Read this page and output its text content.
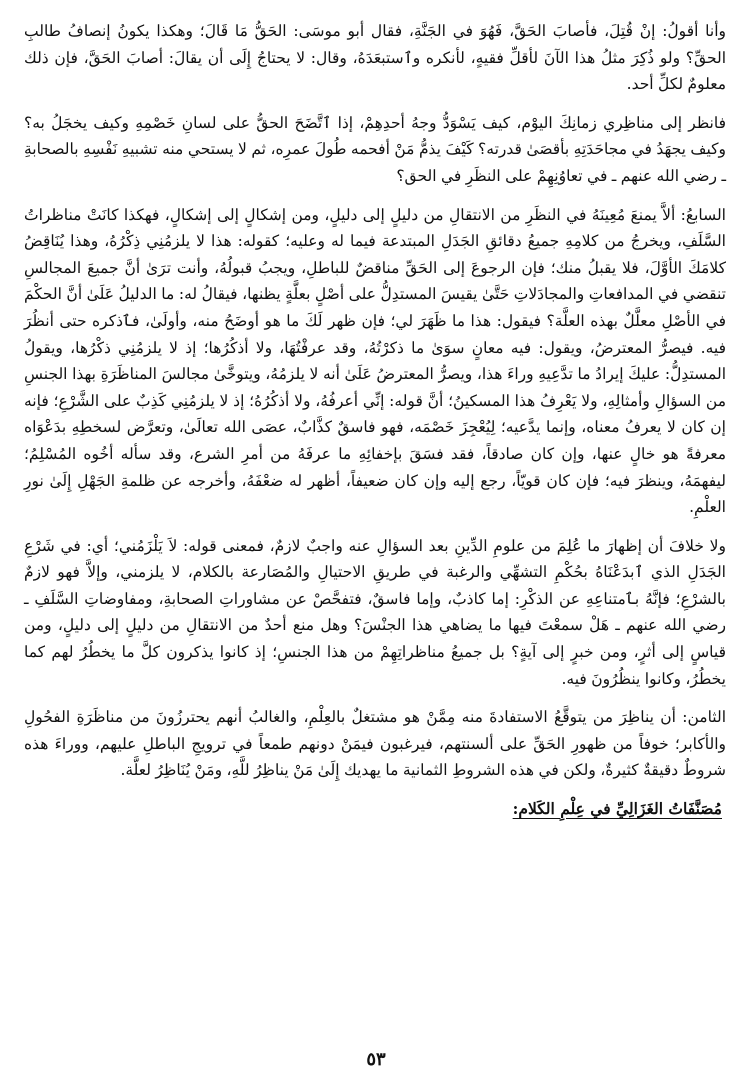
وأنا أقولُ: إنْ قُتِلَ، فأصابَ الحَقَّ، فَهُوَ في الجَنَّةِ، فقال أبو موسَى: الحَقُّ مَا قَالَ؛ وهكذا يكونُ إنصافُ طالبِ الحقِّ؟ ولو ذُكِرَ مثلُ هذا الآنَ لأقلِّ فقيهٍ، لأنكره وٱستبعَدَهُ، وقال: لا يحتاجُ إِلَى أن يقالَ: أصابَ الحَقَّ، فإن ذلك معلومٌ لكلِّ أحد.

فانظر إلى مناظِري زمانِكَ اليوْم، كيف يَسْوَدُّ وجهُ أحدِهِمْ، إذا ٱتَّضَحَ الحقُّ على لسانِ خَصْمِهِ وكيف يخجَلُ به؟ وكيف يجهَدُ في مجاحَدَتِهِ بأقصَىٰ قدرته؟ كَيْفَ يذمُّ مَنْ أفحمه طُولَ عمرِه، ثم لا يستحي منه تشبيهِ نَفْسِهِ بالصحابةِ ـ رضي الله عنهم ـ في تعاوُنِهِمْ على النظَرِ في الحق؟

السابعُ: ألاَّ يمنعَ مُعِينَهُ في النظَرِ من الانتقالِ من دليلٍ إلى دليلٍ، ومن إشكالٍ إلى إشكالٍ، فهكذا كانَتْ مناظراتُ السَّلَفِ، ويخرجُ من كلامِهِ جميعُ دقائقِ الجَدَلِ المبتدعة فيما له وعليه؛ كقوله: هذا لا يلزمُنِي ذِكْرُهُ، وهذا يُنَاقِضُ كلامَكَ الأوَّلَ، فلا يقبلُ منك؛ فإن الرجوعَ إلى الحَقِّ مناقضٌ للباطلِ، ويجبُ قبولُهُ، وأنت ترَىٰ أنَّ جميعَ المجالسِ تنقضي في المدافعاتِ والمجادَلاتِ حَتَّىٰ يقيسَ المستدِلُّ على أصْلٍ بعلَّةٍ يظنها، فيقالُ له: ما الدليلُ عَلَىٰ أنَّ الحكْمَ في الأصْلِ معلَّلٌ بهذه العلَّة؟ فيقول: هذا ما ظَهَرَ لي؛ فإن ظهر لَكَ ما هو أوضَحُ منه، وأولَىٰ، فٱذكره حتى أنظُرَ فيه. فيصرُّ المعترضُ، ويقول: فيه معانٍ سوَىٰ ما ذكرْتُهُ، وقد عرفْتُهَا، ولا أذكُرُها؛ إذ لا يلزمُنِي ذكْرُها، ويقولُ المستدِلُّ: عليكَ إيرادُ ما تدَّعِيهِ وراءَ هذا، ويصرُّ المعترضُ عَلَىٰ أنه لا يلزمُهُ، ويتوخَّىٰ مجالسَ المناظَرَةِ بهذا الجنسِ من السؤالِ وأمثالِهِ، ولا يَعْرِفُ هذا المسكينُ؛ أنَّ قوله: إنِّي أعرفُهُ، ولا أذكُرُهُ؛ إذ لا يلزمُنِي كَذِبٌ على الشَّرْعِ؛ فإنه إن كان لا يعرفُ معناه، وإنما يدَّعيه؛ لِيُعْجِزَ خَصْمَه، فهو فاسقٌ كذَّابٌ، عصَى الله تعالَىٰ، وتعرَّض لسخطِهِ بدَعْوَاه معرفةً هو خالٍ عنها، وإن كان صادقاً، فقد فسَقَ بإخفائِهِ ما عرفَهُ من أمرِ الشرع، وقد سأله أخُوه المُسْلِمُ؛ ليفهمَهُ، وينظرَ فيه؛ فإن كان قويّاً، رجع إليه وإن كان ضعيفاً، أظهر له ضعْفَهُ، وأخرجه عن ظلمةِ الجَهْلِ إِلَىٰ نورِ العلْمِ.

ولا خلافَ أن إظهارَ ما عُلِمَ من علومِ الدِّينِ بعد السؤالِ عنه واجبٌ لازمٌ، فمعنى قوله: لاَ يَلْزَمُني؛ أي: في شَرْعِ الجَدَلِ الذي ٱبدَعْنَاهُ بحُكْمِ التشهِّي والرغبة في طريقِ الاحتيالِ والمُصَارعة بالكلام، لا يلزمني، وإلاَّ فهو لازمٌ بالشرْعِ؛ فإنَّهُ بٱمتناعِهِ عن الذكْرِ: إما كاذبٌ، وإما فاسقٌ، فتفحَّصْ عن مشاوراتِ الصحابةِ، ومفاوضاتِ السَّلَفِ ـ رضي الله عنهم ـ هَلْ سمعْتَ فيها ما يضاهي هذا الجنْسَ؟ وهل منع أحدٌ من الانتقالِ من دليلٍ إلى دليلٍ، ومن قياسٍ إلى أثرٍ، ومن خبرٍ إلى آيةٍ؟ بل جميعُ مناظراتِهِمْ من هذا الجنسِ؛ إذ كانوا يذكرون كلَّ ما يخطُرُ لهم كما يخطُرُ، وكانوا ينظُرُونَ فيه.

الثامن: أن يناظِرَ من يتوقَّعُ الاستفادةَ منه مِمَّنْ هو مشتغلٌ بالعِلْمِ، والغالبُ أنهم يحترزُونَ من مناظَرَةِ الفحُولِ والأكابر؛ خوفاً من ظهورِ الحَقِّ على ألسنتهم، فيرغبون فيمَنْ دونهم طمعاً في ترويجِ الباطلِ عليهم، ووراءَ هذه شروطٌ دقيقةٌ كثيرةٌ، ولكن في هذه الشروطِ الثمانية ما يهديك إِلَىٰ مَنْ يناظِرُ للَّهِ، ومَنْ يُنَاظِرُ لعلَّة.

مُصَنَّفَاتُ الغَزَالِيِّ في عِلْمِ الكَلام:

٥٣
